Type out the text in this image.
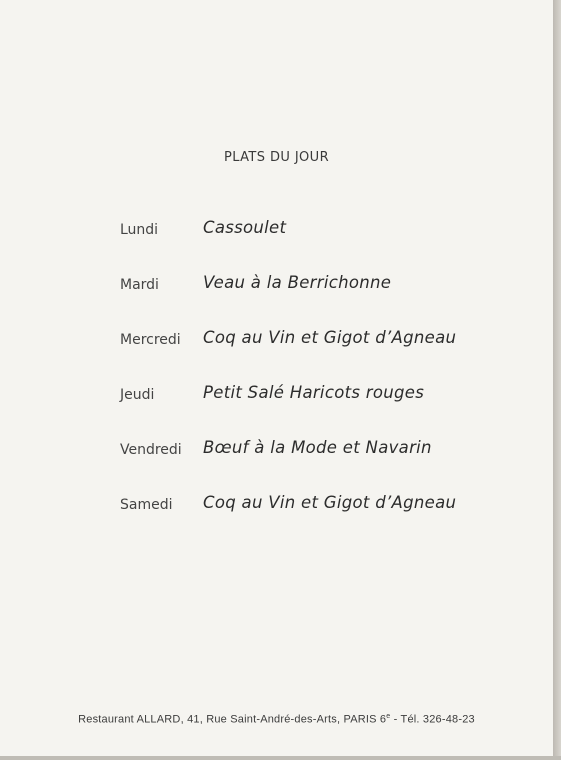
PLATS DU JOUR
Lundi	Cassoulet
Mardi	Veau à la Berrichonne
Mercredi Coq au Vin et Gigot d’Agneau
Jeudi	Petit Salé Haricots rouges
Vendredi Bœuf à la Mode et Navarin
Samedi Coq au Vin et Gigot d’Agneau
Restaurant ALLARD, 41, Rue Saint-André-des-Arts, PARIS 6e - Tél. 326-48-23
